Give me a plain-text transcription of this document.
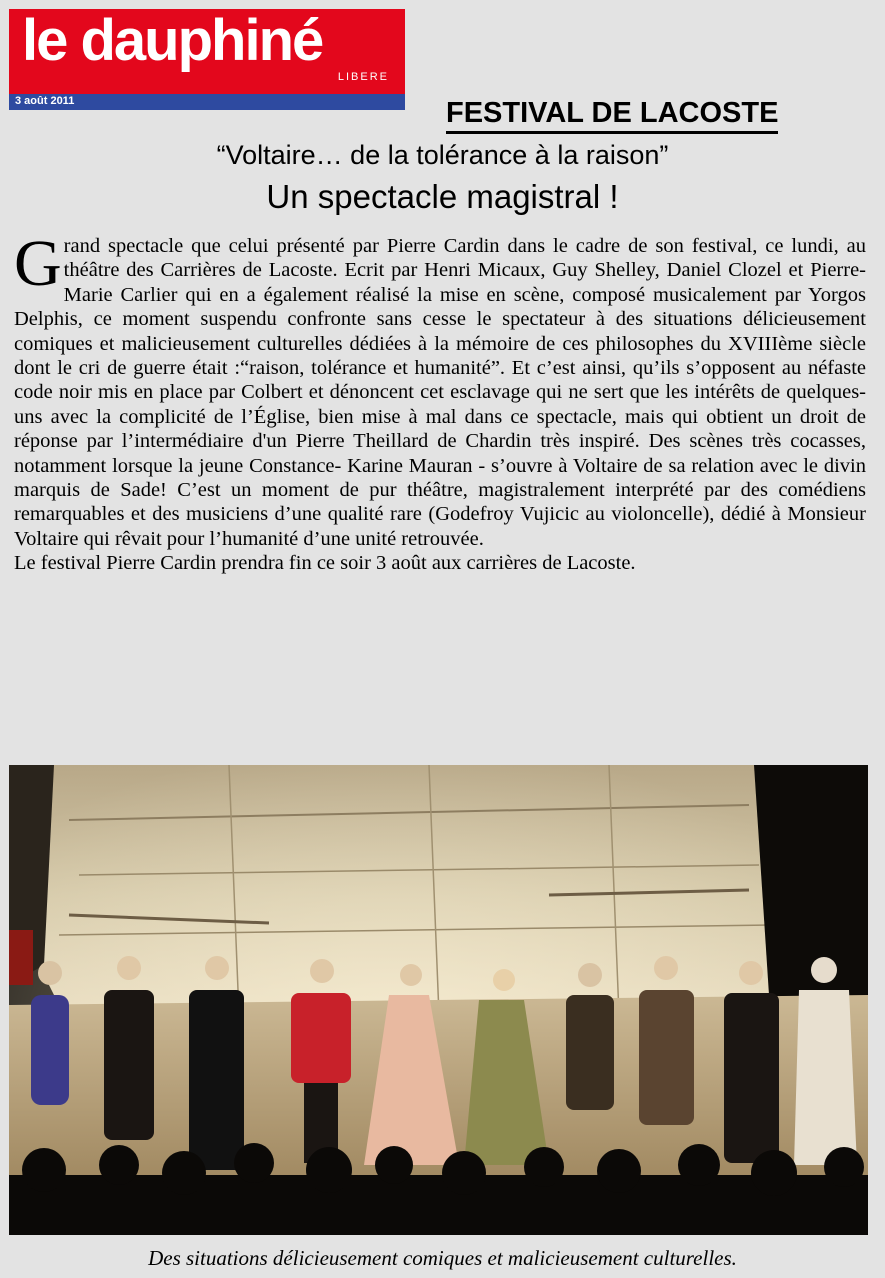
le dauphiné
LIBERE
3 août 2011	FESTIVAL DE LACOSTE
“Voltaire… de la tolérance à la raison”
Un spectacle magistral !

Grand spectacle que celui présenté par Pierre Cardin dans le cadre de son festival, ce lundi, au théâtre des Carrières de Lacoste. Ecrit par Henri Micaux, Guy Shelley, Daniel Clozel et Pierre-Marie Carlier qui en a également réalisé la mise en scène, composé musicalement par Yorgos Delphis, ce moment suspendu confronte sans cesse le spectateur à des situations délicieusement comiques et malicieusement culturelles dédiées à la mémoire de ces philosophes du XVIIIème siècle dont le cri de guerre était :“raison, tolérance et humanité”. Et c’est ainsi, qu’ils s’opposent au néfaste code noir mis en place par Colbert et dénoncent cet esclavage qui ne sert que les intérêts de quelques-uns avec la complicité de l’Église, bien mise à mal dans ce spectacle, mais qui obtient un droit de réponse par l’intermédiaire d'un Pierre Theillard de Chardin très inspiré. Des scènes très cocasses, notamment lorsque la jeune Constance- Karine Mauran - s’ouvre à Voltaire de sa relation avec le divin marquis de Sade! C’est un moment de pur théâtre, magistralement interprété par des comédiens remarquables et des musiciens d’une qualité rare (Godefroy Vujicic au violoncelle), dédié à Monsieur Voltaire qui rêvait pour l’humanité d’une unité retrouvée.

Le festival Pierre Cardin prendra fin ce soir 3 août aux carrières de Lacoste.

Des situations délicieusement comiques et malicieusement culturelles.
